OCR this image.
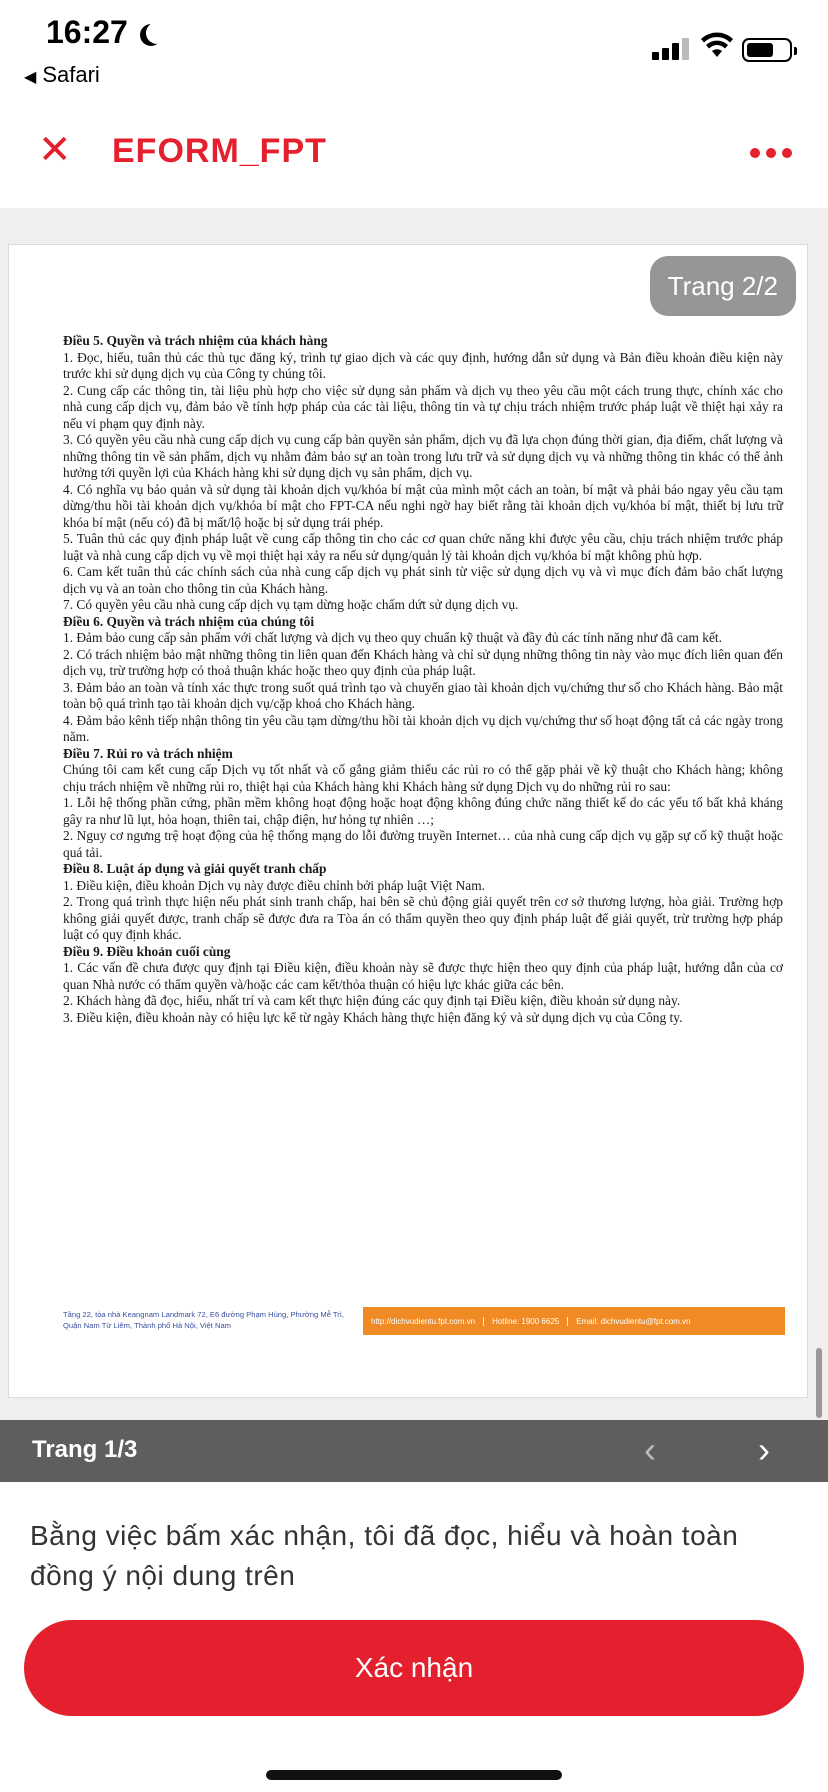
16:27
◀ Safari
✕ EFORM_FPT

Điều 5. Quyền và trách nhiệm của khách hàng

1. Đọc, hiểu, tuân thủ các thủ tục đăng ký, trình tự giao dịch và các quy định, hướng dẫn sử dụng và Bản điều khoản điều kiện này trước khi sử dụng dịch vụ của Công ty chúng tôi.

2. Cung cấp các thông tin, tài liệu phù hợp cho việc sử dụng sản phẩm và dịch vụ theo yêu cầu một cách trung thực, chính xác cho nhà cung cấp dịch vụ, đảm bảo về tính hợp pháp của các tài liệu, thông tin và tự chịu trách nhiệm trước pháp luật về thiệt hại xảy ra nếu vi phạm quy định này.

3. Có quyền yêu cầu nhà cung cấp dịch vụ cung cấp bản quyền sản phẩm, dịch vụ đã lựa chọn đúng thời gian, địa điểm, chất lượng và những thông tin về sản phẩm, dịch vụ nhằm đảm bảo sự an toàn trong lưu trữ và sử dụng dịch vụ và những thông tin khác có thể ảnh hưởng tới quyền lợi của Khách hàng khi sử dụng dịch vụ sản phẩm, dịch vụ.

4. Có nghĩa vụ bảo quản và sử dụng tài khoản dịch vụ/khóa bí mật của mình một cách an toàn, bí mật và phải báo ngay yêu cầu tạm dừng/thu hồi tài khoản dịch vụ/khóa bí mật cho FPT-CA nếu nghi ngờ hay biết rằng tài khoản dịch vụ/khóa bí mật, thiết bị lưu trữ khóa bí mật (nếu có) đã bị mất/lộ hoặc bị sử dụng trái phép.

5. Tuân thủ các quy định pháp luật về cung cấp thông tin cho các cơ quan chức năng khi được yêu cầu, chịu trách nhiệm trước pháp luật và nhà cung cấp dịch vụ về mọi thiệt hại xảy ra nếu sử dụng/quản lý tài khoản dịch vụ/khóa bí mật không phù hợp.

6. Cam kết tuân thủ các chính sách của nhà cung cấp dịch vụ phát sinh từ việc sử dụng dịch vụ và vì mục đích đảm bảo chất lượng dịch vụ và an toàn cho thông tin của Khách hàng.

7. Có quyền yêu cầu nhà cung cấp dịch vụ tạm dừng hoặc chấm dứt sử dụng dịch vụ.

Điều 6. Quyền và trách nhiệm của chúng tôi

1. Đảm bảo cung cấp sản phẩm với chất lượng và dịch vụ theo quy chuẩn kỹ thuật và đầy đủ các tính năng như đã cam kết.

2. Có trách nhiệm bảo mật những thông tin liên quan đến Khách hàng và chỉ sử dụng những thông tin này vào mục đích liên quan đến dịch vụ, trừ trường hợp có thoả thuận khác hoặc theo quy định của pháp luật.

3. Đảm bảo an toàn và tính xác thực trong suốt quá trình tạo và chuyển giao tài khoản dịch vụ/chứng thư số cho Khách hàng. Bảo mật toàn bộ quá trình tạo tài khoản dịch vụ/cặp khoá cho Khách hàng.

4. Đảm bảo kênh tiếp nhận thông tin yêu cầu tạm dừng/thu hồi tài khoản dịch vụ dịch vụ/chứng thư số hoạt động tất cả các ngày trong năm.

Điều 7. Rủi ro và trách nhiệm

Chúng tôi cam kết cung cấp Dịch vụ tốt nhất và cố gắng giảm thiểu các rủi ro có thể gặp phải về kỹ thuật cho Khách hàng; không chịu trách nhiệm về những rủi ro, thiệt hại của Khách hàng khi Khách hàng sử dụng Dịch vụ do những rủi ro sau:

1. Lỗi hệ thống phần cứng, phần mềm không hoạt động hoặc hoạt động không đúng chức năng thiết kế do các yếu tố bất khả kháng gây ra như lũ lụt, hỏa hoạn, thiên tai, chập điện, hư hỏng tự nhiên …;

2. Nguy cơ ngưng trệ hoạt động của hệ thống mạng do lỗi đường truyền Internet… của nhà cung cấp dịch vụ gặp sự cố kỹ thuật hoặc quá tải.

Điều 8. Luật áp dụng và giải quyết tranh chấp

1. Điều kiện, điều khoản Dịch vụ này được điều chỉnh bởi pháp luật Việt Nam.

2. Trong quá trình thực hiện nếu phát sinh tranh chấp, hai bên sẽ chủ động giải quyết trên cơ sở thương lượng, hòa giải. Trường hợp không giải quyết được, tranh chấp sẽ được đưa ra Tòa án có thẩm quyền theo quy định pháp luật để giải quyết, trừ trường hợp pháp luật có quy định khác.

Điều 9. Điều khoản cuối cùng

1. Các vấn đề chưa được quy định tại Điều kiện, điều khoản này sẽ được thực hiện theo quy định của pháp luật, hướng dẫn của cơ quan Nhà nước có thẩm quyền và/hoặc các cam kết/thỏa thuận có hiệu lực khác giữa các bên.

2. Khách hàng đã đọc, hiểu, nhất trí và cam kết thực hiện đúng các quy định tại Điều kiện, điều khoản sử dụng này.

3. Điều kiện, điều khoản này có hiệu lực kể từ ngày Khách hàng thực hiện đăng ký và sử dụng dịch vụ của Công ty.

Tầng 22, tòa nhà Keangnam Landmark 72, E6 đường Phạm Hùng, Phường Mễ Trì, Quận Nam Từ Liêm, Thành phố Hà Nội, Việt Nam	http://dichvudientu.fpt.com.vn	Hotline: 1900 6625	Email: dichvudientu@fpt.com.vn
Trang 2/2
Trang 1/3	‹	›
Bằng việc bấm xác nhận, tôi đã đọc, hiểu và hoàn toàn đồng ý nội dung trên
Xác nhận
